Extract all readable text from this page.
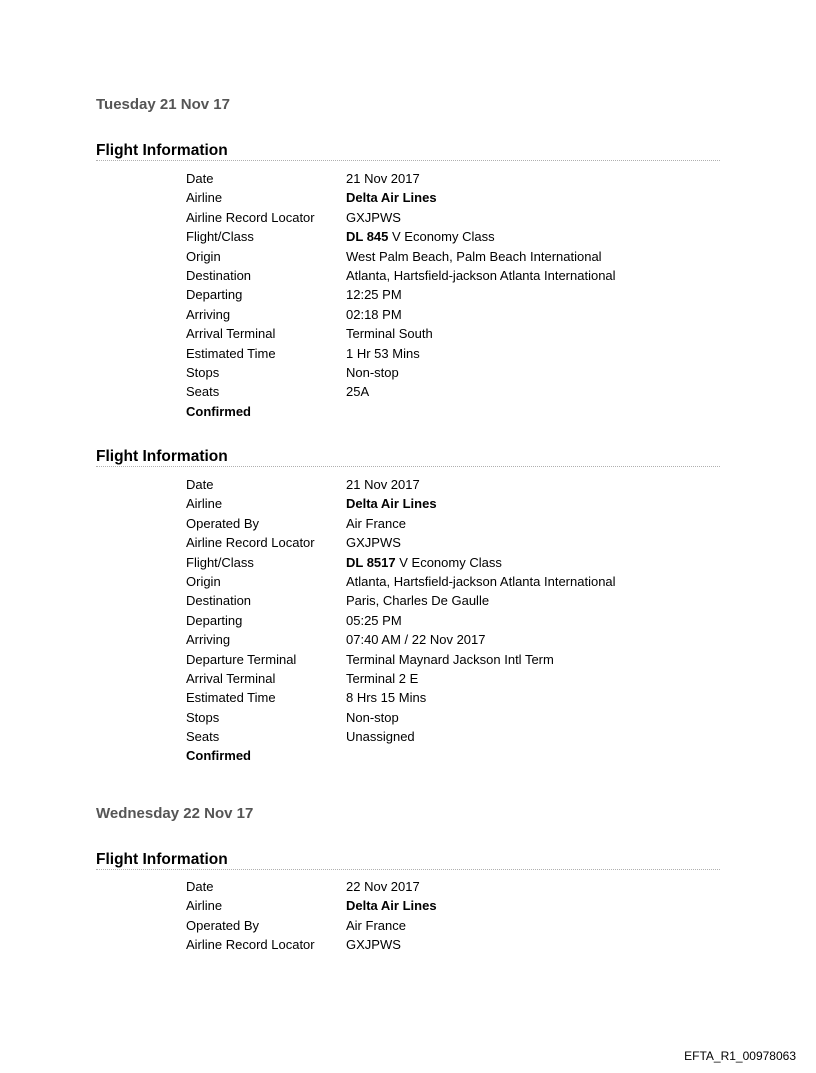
Tuesday 21 Nov 17
Flight Information
Date	21 Nov 2017
Airline	Delta Air Lines
Airline Record Locator GXJPWS
Flight/Class	DL 845 V Economy Class
Origin	West Palm Beach, Palm Beach International
Destination	Atlanta, Hartsfield-jackson Atlanta International
Departing	12:25 PM
Arriving	02:18 PM
Arrival Terminal	Terminal South
Estimated Time	1 Hr 53 Mins
Stops	Non-stop
Seats	25A
Confirmed
Flight Information
Date	21 Nov 2017
Airline	Delta Air Lines
Operated By	Air France
Airline Record Locator GXJPWS
Flight/Class	DL 8517 V Economy Class
Origin	Atlanta, Hartsfield-jackson Atlanta International
Destination	Paris, Charles De Gaulle
Departing	05:25 PM
Arriving	07:40 AM / 22 Nov 2017
Departure Terminal	Terminal Maynard Jackson Intl Term
Arrival Terminal	Terminal 2 E
Estimated Time	8 Hrs 15 Mins
Stops	Non-stop
Seats	Unassigned
Confirmed
Wednesday 22 Nov 17
Flight Information
Date	22 Nov 2017
Airline	Delta Air Lines
Operated By	Air France
Airline Record Locator GXJPWS
EFTA_R1_00978063
